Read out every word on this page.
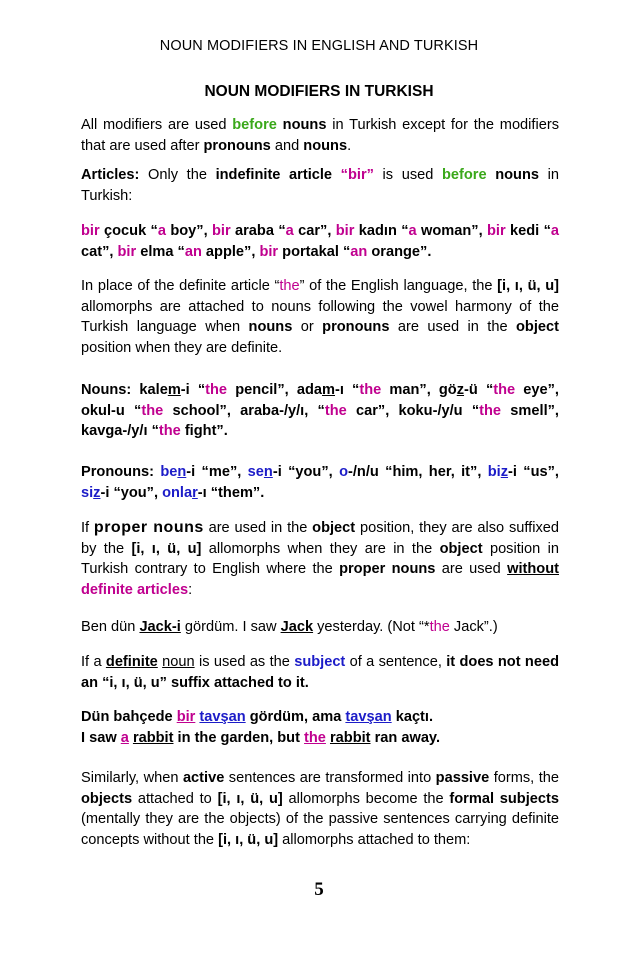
NOUN MODIFIERS IN ENGLISH AND TURKISH
NOUN MODIFIERS IN TURKISH

All modifiers are used before nouns in Turkish except for the modifiers that are used after pronouns and nouns.

Articles: Only the indefinite article “bir” is used before nouns in Turkish:

bir çocuk “a boy”, bir araba “a car”, bir kadın “a woman”, bir kedi “a cat”, bir elma “an apple”, bir portakal “an orange”.

In place of the definite article “the” of the English language, the [i, ı, ü, u] allomorphs are attached to nouns following the vowel harmony of the Turkish language when nouns or pronouns are used in the object position when they are definite.

Nouns: kalem-i “the pencil”, adam-ı “the man”, göz-ü “the eye”, okul-u “the school”, araba-/y/ı, “the car”, koku-/y/u “the smell”, kavga-/y/ı “the fight”.

Pronouns: ben-i “me”, sen-i “you”, o-/n/u “him, her, it”, biz-i “us”, siz-i “you”, onlar-ı “them”.

If proper nouns are used in the object position, they are also suffixed by the [i, ı, ü, u] allomorphs when they are in the object position in Turkish contrary to English where the proper nouns are used without definite articles:

Ben dün Jack-i gördüm. I saw Jack yesterday. (Not “*the Jack”.)

If a definite noun is used as the subject of a sentence, it does not need an “i, ı, ü, u” suffix attached to it.

Dün bahçede bir tavşan gördüm, ama tavşan kaçtı.
I saw a rabbit in the garden, but the rabbit ran away.

Similarly, when active sentences are transformed into passive forms, the objects attached to [i, ı, ü, u] allomorphs become the formal subjects (mentally they are the objects) of the passive sentences carrying definite concepts without the [i, ı, ü, u] allomorphs attached to them:

5
